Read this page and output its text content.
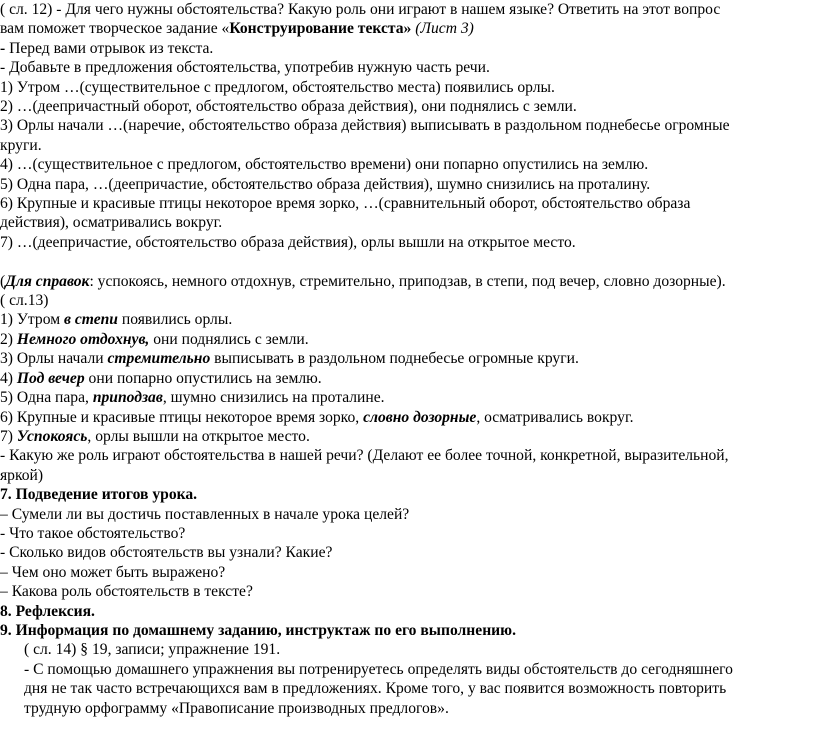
( сл. 12) - Для чего нужны обстоятельства? Какую роль они играют в нашем языке? Ответить на этот вопрос
вам поможет творческое задание «Конструирование текста» (Лист 3)
- Перед вами отрывок из текста.
- Добавьте в предложения обстоятельства, употребив нужную часть речи.
1) Утром …(существительное с предлогом, обстоятельство места) появились орлы.
2) …(деепричастный оборот, обстоятельство образа действия), они поднялись с земли.
3) Орлы начали …(наречие, обстоятельство образа действия) выписывать в раздольном поднебесье огромные
круги.
4) …(существительное с предлогом, обстоятельство времени) они попарно опустились на землю.
5) Одна пара, …(деепричастие, обстоятельство образа действия), шумно снизились на проталину.
6) Крупные и красивые птицы некоторое время зорко, …(сравнительный оборот, обстоятельство образа
действия), осматривались вокруг.
7) …(деепричастие, обстоятельство образа действия), орлы вышли на открытое место.
(Для справок: успокоясь, немного отдохнув, стремительно, приподзав, в степи, под вечер, словно дозорные).
( сл.13)
1) Утром в степи появились орлы.
2) Немного отдохнув, они поднялись с земли.
3) Орлы начали стремительно выписывать в раздольном поднебесье огромные круги.
4) Под вечер они попарно опустились на землю.
5) Одна пара, приподзав, шумно снизились на проталине.
6) Крупные и красивые птицы некоторое время зорко, словно дозорные, осматривались вокруг.
7) Успокоясь, орлы вышли на открытое место.
- Какую же роль играют обстоятельства в нашей речи? (Делают ее более точной, конкретной, выразительной,
яркой)
7. Подведение итогов урока.
– Сумели ли вы достичь поставленных в начале урока целей?
- Что такое обстоятельство?
- Сколько видов обстоятельств вы узнали? Какие?
– Чем оно может быть выражено?
– Какова роль обстоятельств в тексте?
8. Рефлексия.
9. Информация по домашнему заданию, инструктаж по его выполнению.
( сл. 14) § 19, записи; упражнение 191.
- С помощью домашнего упражнения вы потренируетесь определять виды обстоятельств до сегодняшнего
дня не так часто встречающихся вам в предложениях. Кроме того, у вас появится возможность повторить
трудную орфограмму «Правописание производных предлогов».
